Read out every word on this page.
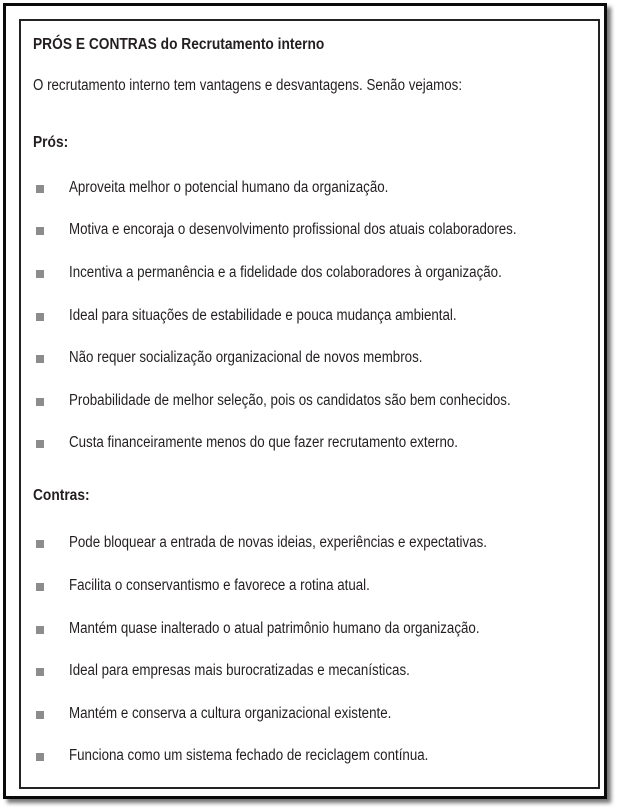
PRÓS E CONTRAS do Recrutamento interno
O recrutamento interno tem vantagens e desvantagens. Senão vejamos:
Prós:
Aproveita melhor o potencial humano da organização.
Motiva e encoraja o desenvolvimento profissional dos atuais colaboradores.
Incentiva a permanência e a fidelidade dos colaboradores à organização.
Ideal para situações de estabilidade e pouca mudança ambiental.
Não requer socialização organizacional de novos membros.
Probabilidade de melhor seleção, pois os candidatos são bem conhecidos.
Custa financeiramente menos do que fazer recrutamento externo.
Contras:
Pode bloquear a entrada de novas ideias, experiências e expectativas.
Facilita o conservantismo e favorece a rotina atual.
Mantém quase inalterado o atual patrimônio humano da organização.
Ideal para empresas mais burocratizadas e mecanísticas.
Mantém e conserva a cultura organizacional existente.
Funciona como um sistema fechado de reciclagem contínua.
